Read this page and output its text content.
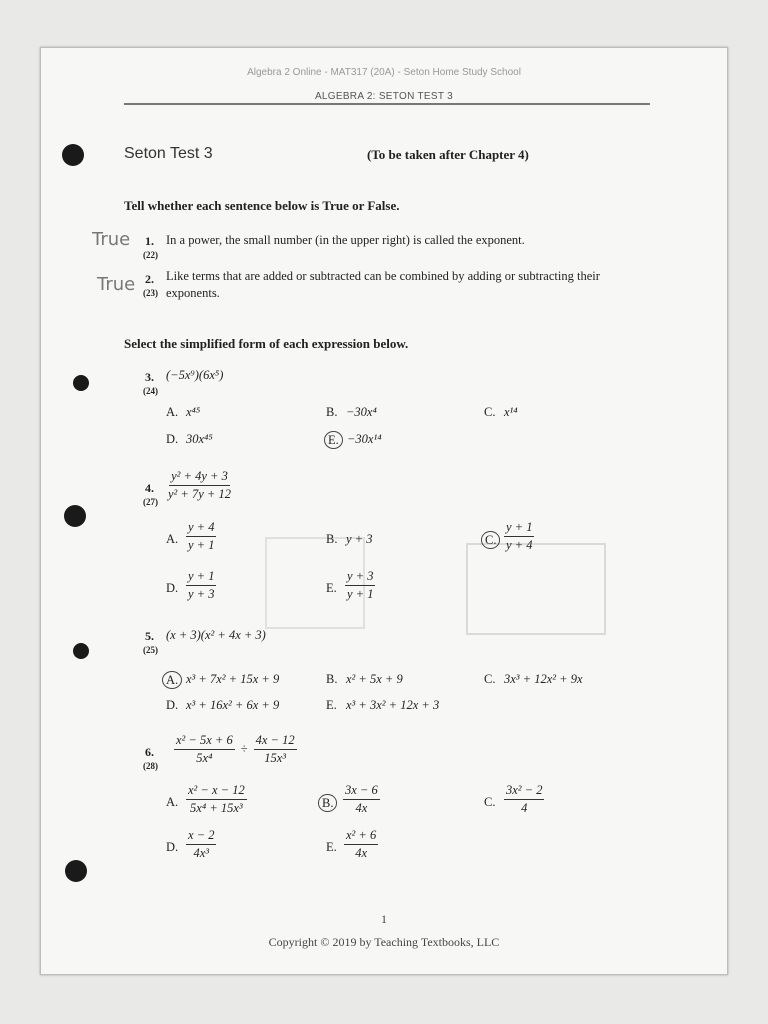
Algebra 2 Online - MAT317 (20A) - Seton Home Study School
ALGEBRA 2: SETON TEST 3
Seton Test 3	(To be taken after Chapter 4)
Tell whether each sentence below is True or False.
True 1.
(22)
In a power, the small number (in the upper right) is called the exponent.
True 2.
(23)
Like terms that are added or subtracted can be combined by adding or subtracting their
exponents.
Select the simplified form of each expression below.
3.
(24)
(−5x⁹)(6x⁵)
A. x⁴⁵	B. −30x⁴	C. x¹⁴
D. 30x⁴⁵	E. −30x¹⁴
4.
$(27) \frac{\text{y² + 4y + 3}}{\text{y² + 7y + 12}}$
A. $\frac{y + 4}{y + 1}$	B. y + 3	C. $\frac{y + 1}{y + 4}$
D. $\frac{y + 1}{y + 3}$	E. $\frac{y + 3}{y + 1}$
5.
(25)
(x + 3)(x² + 4x + 3)
A. x³ + 7x² + 15x + 9	B. x² + 5x + 9	C. 3x³ + 12x² + 9x
D. x³ + 16x² + 6x + 9	E. x³ + 3x² + 12x + 3
6.
$(28) \frac{\text{x² − 5x + 6}}{\text{5x⁴}} \div \frac{4x - 12}{\text{15x³}}$
A. $\frac{\text{x² − x − 12}}{\text{5x⁴ + 15x³}}$	B. $\frac{3x - 6}{4x}$	C. $\frac{\text{3x² − 2}}{4}$
D. $\frac{x - 2}{\text{4x³}}$	E. $\frac{\text{x² + 6}}{4x}$
1
Copyright © 2019 by Teaching Textbooks, LLC
